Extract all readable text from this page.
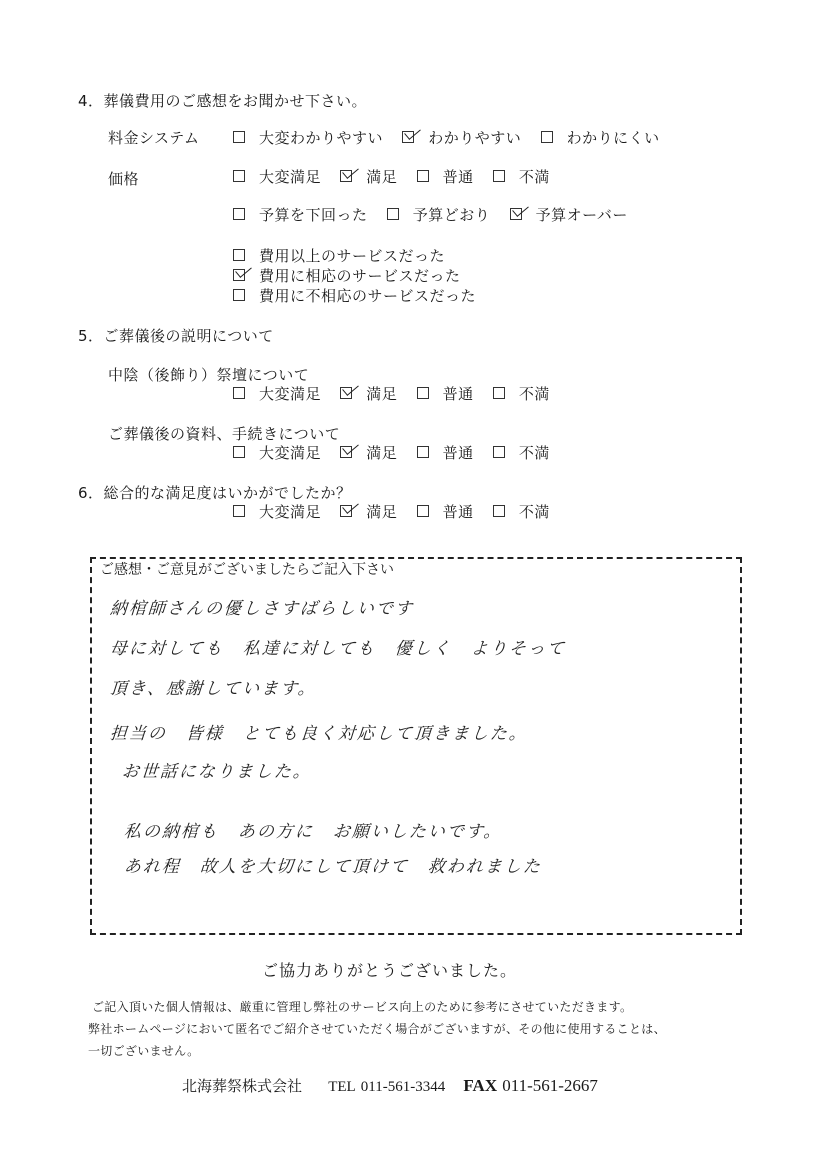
4．葬儀費用のご感想をお聞かせ下さい。
料金システム	大変わかりやすい	わかりやすい	わかりにくい
価格	大変満足	満足	普通	不満
予算を下回った	予算どおり	予算オーバー
費用以上のサービスだった
費用に相応のサービスだった
費用に不相応のサービスだった
5．ご葬儀後の説明について
中陰（後飾り）祭壇について
大変満足	満足	普通	不満
ご葬儀後の資料、手続きについて
大変満足	満足	普通	不満
6．総合的な満足度はいかがでしたか？
大変満足	満足	普通	不満
ご感想・ご意見がございましたらご記入下さい
納棺師さんの優しさすばらしいです
母に対しても　私達に対しても　優しく　よりそって
頂き、感謝しています。
担当の　皆様　とても良く対応して頂きました。
お世話になりました。
私の納棺も　あの方に　お願いしたいです。
あれ程　故人を大切にして頂けて　救われました
ご協力ありがとうございました。
ご記入頂いた個人情報は、厳重に管理し弊社のサービス向上のために参考にさせていただきます。
弊社ホームページにおいて匿名でご紹介させていただく場合がございますが、その他に使用することは、
一切ございません。
北海葬祭株式会社 TEL 011-561-3344 FAX 011-561-2667
